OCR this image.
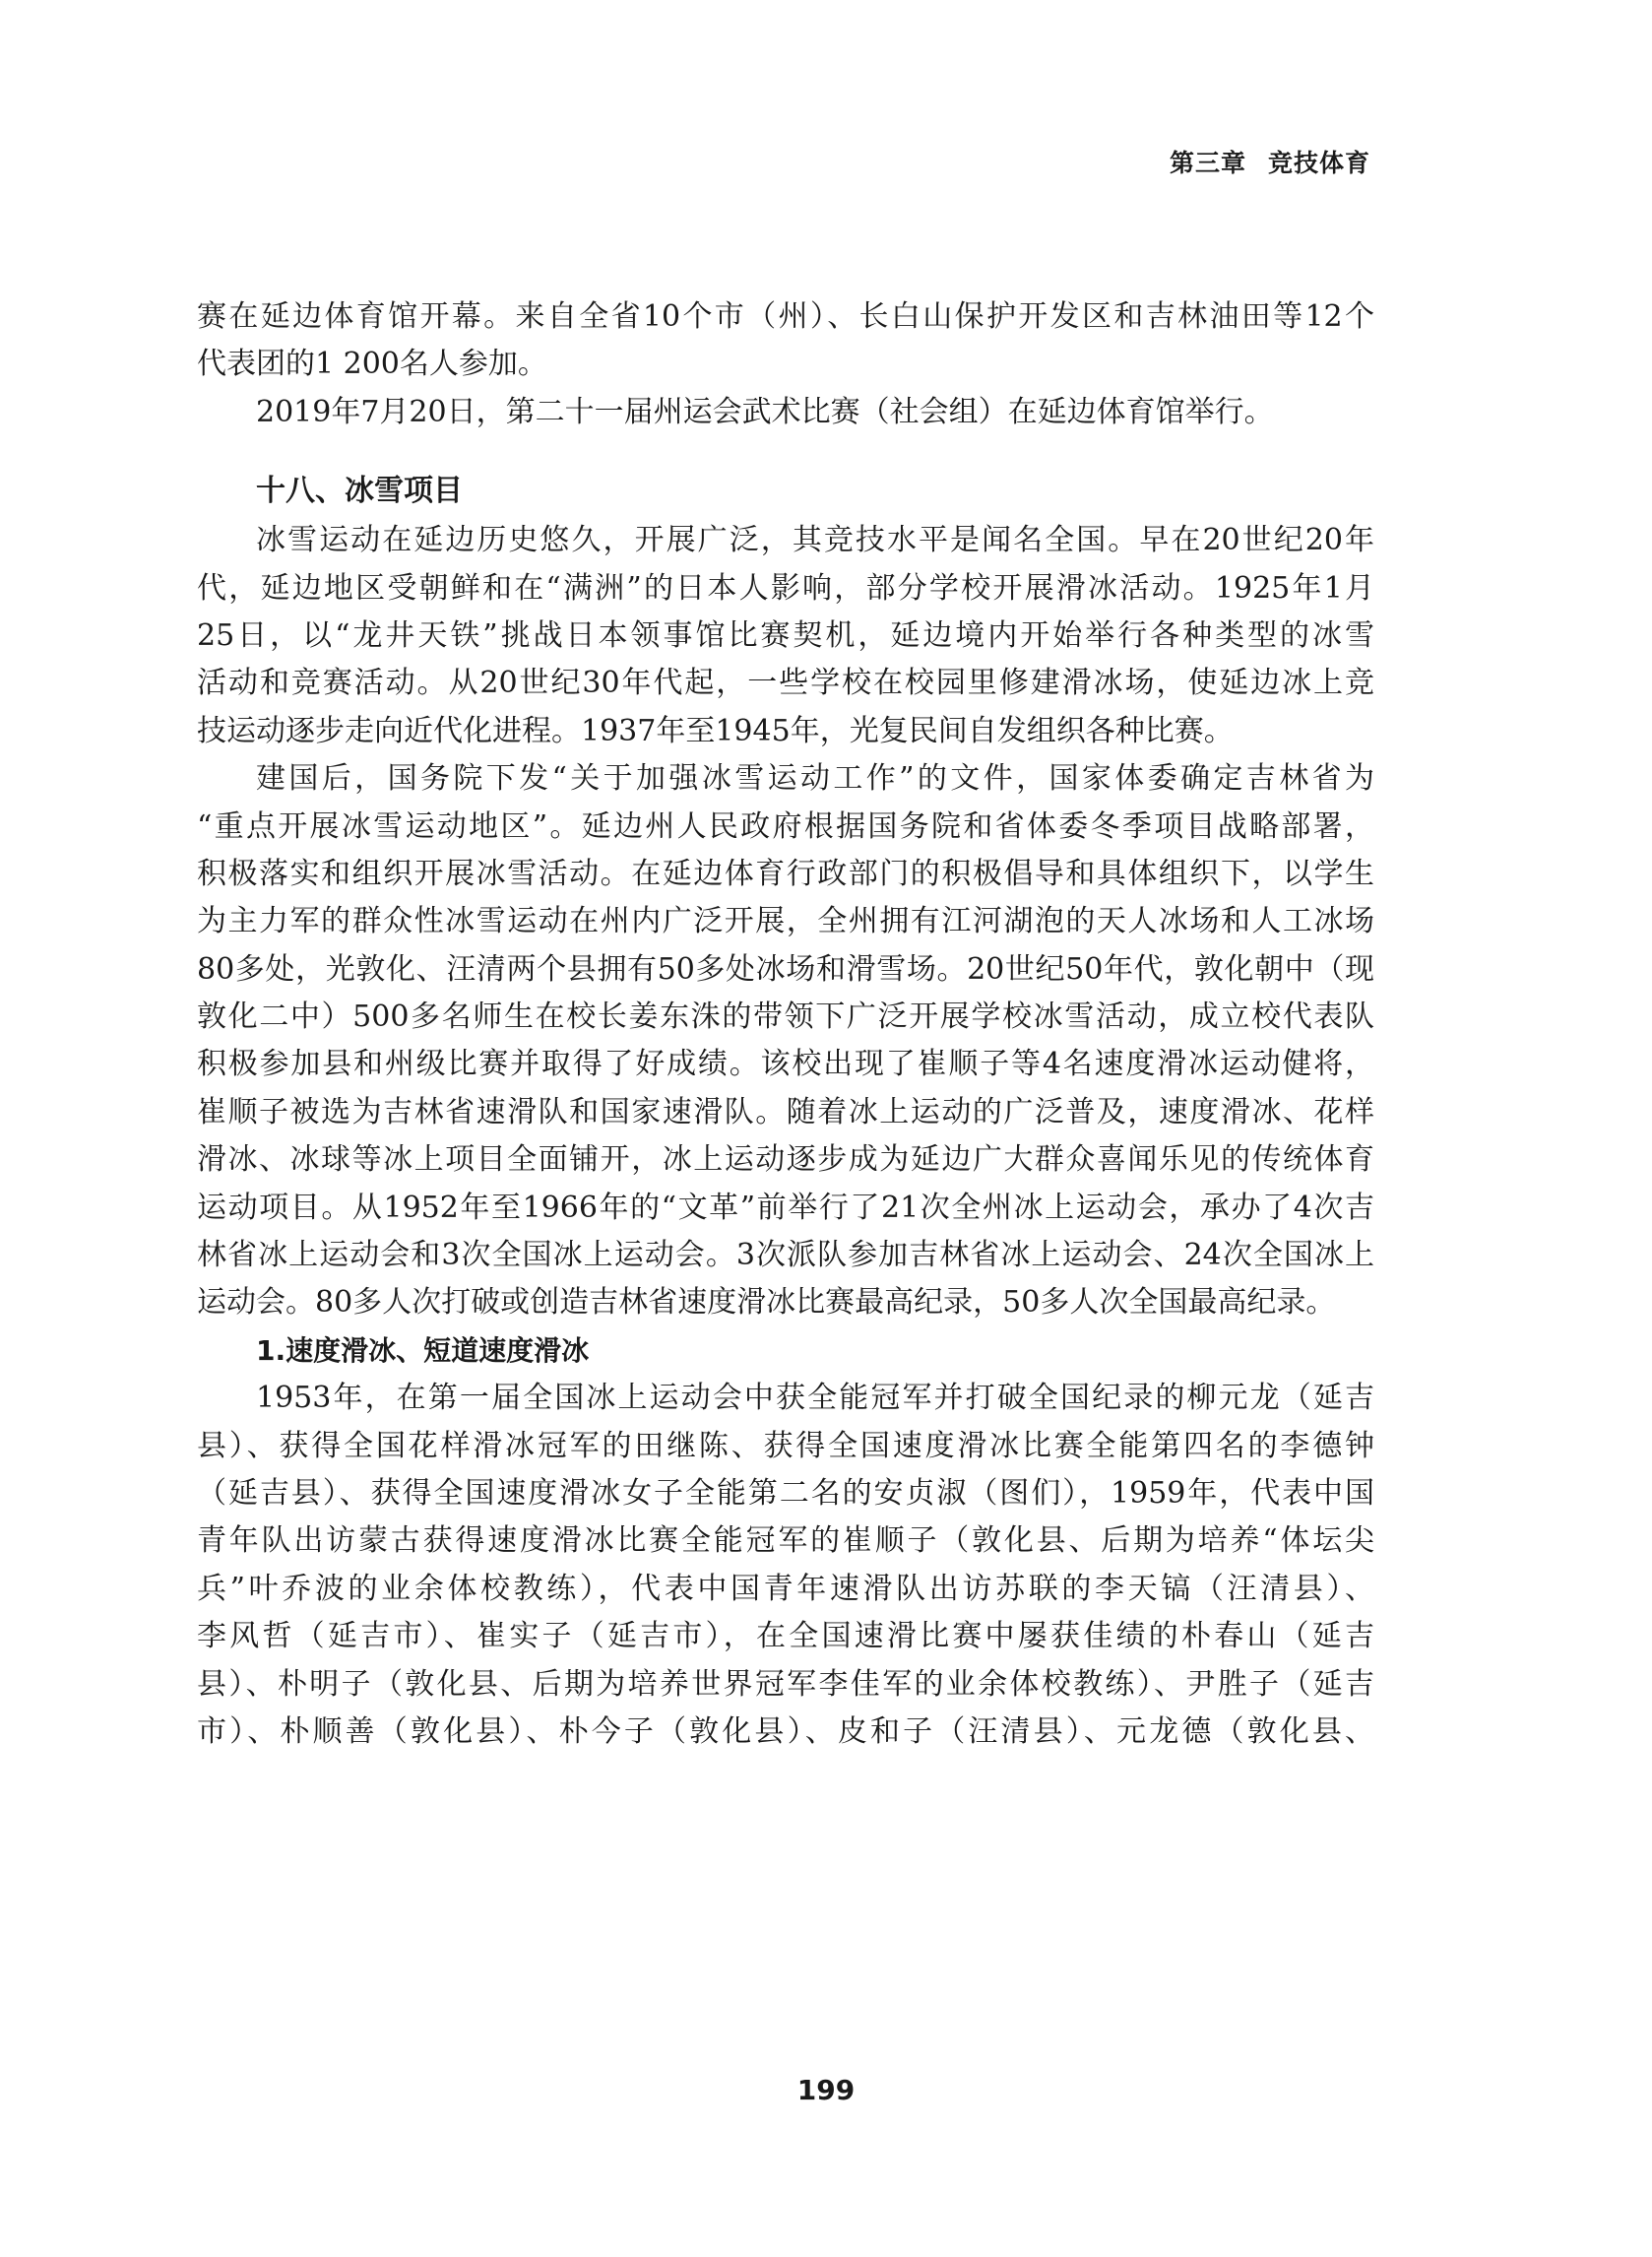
第三章 竞技体育
赛在延边体育馆开幕。来自全省10个市（州）、长白山保护开发区和吉林油田等12个
代表团的1 200名人参加。
2019年7月20日，第二十一届州运会武术比赛（社会组）在延边体育馆举行。
十八、冰雪项目
冰雪运动在延边历史悠久，开展广泛，其竞技水平是闻名全国。早在20世纪20年
代，延边地区受朝鲜和在“满洲”的日本人影响，部分学校开展滑冰活动。1925年1月
25日，以“龙井天铁”挑战日本领事馆比赛契机，延边境内开始举行各种类型的冰雪
活动和竞赛活动。从20世纪30年代起，一些学校在校园里修建滑冰场，使延边冰上竞
技运动逐步走向近代化进程。1937年至1945年，光复民间自发组织各种比赛。
建国后，国务院下发“关于加强冰雪运动工作”的文件，国家体委确定吉林省为
“重点开展冰雪运动地区”。延边州人民政府根据国务院和省体委冬季项目战略部署，
积极落实和组织开展冰雪活动。在延边体育行政部门的积极倡导和具体组织下，以学生
为主力军的群众性冰雪运动在州内广泛开展，全州拥有江河湖泡的天人冰场和人工冰场
80多处，光敦化、汪清两个县拥有50多处冰场和滑雪场。20世纪50年代，敦化朝中（现
敦化二中）500多名师生在校长姜东洙的带领下广泛开展学校冰雪活动，成立校代表队
积极参加县和州级比赛并取得了好成绩。该校出现了崔顺子等4名速度滑冰运动健将，
崔顺子被选为吉林省速滑队和国家速滑队。随着冰上运动的广泛普及，速度滑冰、花样
滑冰、冰球等冰上项目全面铺开，冰上运动逐步成为延边广大群众喜闻乐见的传统体育
运动项目。从1952年至1966年的“文革”前举行了21次全州冰上运动会，承办了4次吉
林省冰上运动会和3次全国冰上运动会。3次派队参加吉林省冰上运动会、24次全国冰上
运动会。80多人次打破或创造吉林省速度滑冰比赛最高纪录，50多人次全国最高纪录。
1.速度滑冰、短道速度滑冰
1953年，在第一届全国冰上运动会中获全能冠军并打破全国纪录的柳元龙（延吉
县）、获得全国花样滑冰冠军的田继陈、获得全国速度滑冰比赛全能第四名的李德钟
（延吉县）、获得全国速度滑冰女子全能第二名的安贞淑（图们），1959年，代表中国
青年队出访蒙古获得速度滑冰比赛全能冠军的崔顺子（敦化县、后期为培养“体坛尖
兵”叶乔波的业余体校教练），代表中国青年速滑队出访苏联的李天镐（汪清县）、
李风哲（延吉市）、崔实子（延吉市），在全国速滑比赛中屡获佳绩的朴春山（延吉
县）、朴明子（敦化县、后期为培养世界冠军李佳军的业余体校教练）、尹胜子（延吉
市）、朴顺善（敦化县）、朴今子（敦化县）、皮和子（汪清县）、元龙德（敦化县、
199
